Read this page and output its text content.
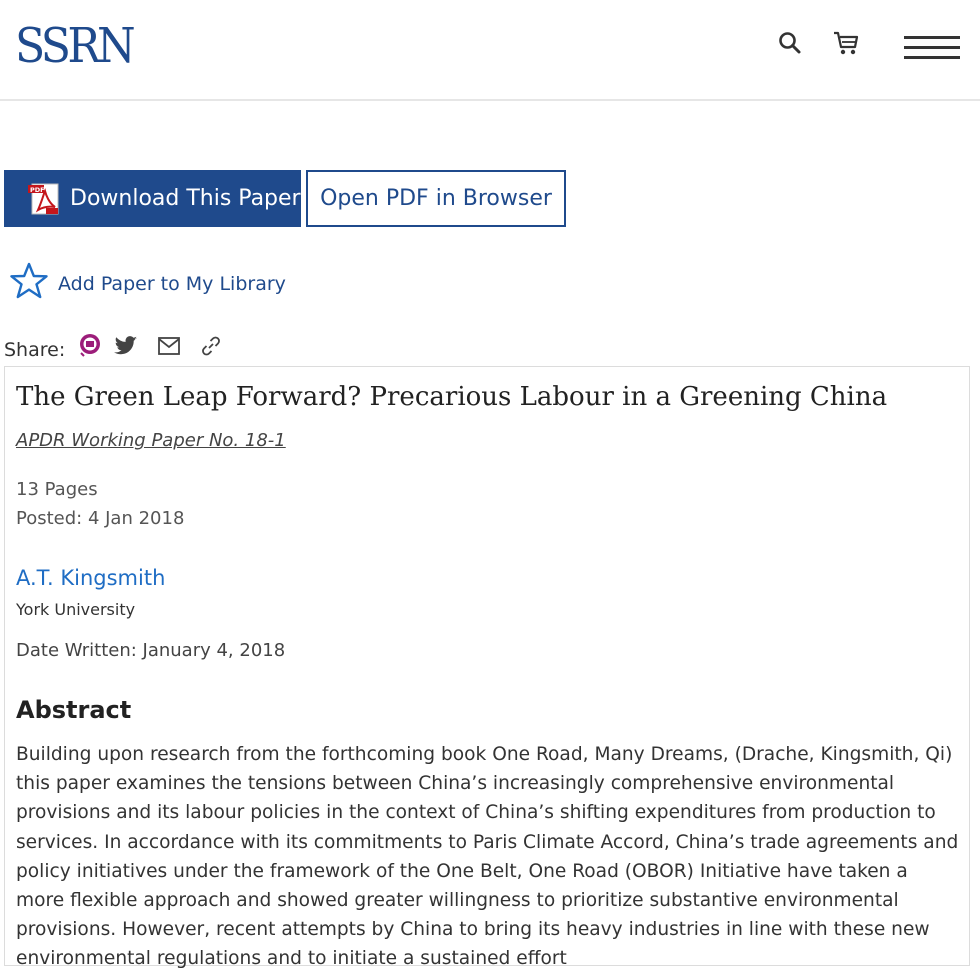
SSRN
PDF Download This Paper Open PDF in Browser
Add Paper to My Library
Share:
The Green Leap Forward? Precarious Labour in a Greening China
APDR Working Paper No. 18-1
13 Pages
Posted: 4 Jan 2018
A.T. Kingsmith
York University
Date Written: January 4, 2018
Abstract
Building upon research from the forthcoming book One Road, Many Dreams, (Drache, Kingsmith, Qi) this paper examines the tensions between China’s increasingly comprehensive environmental provisions and its labour policies in the context of China’s shifting expenditures from production to services. In accordance with its commitments to Paris Climate Accord, China’s trade agreements and policy initiatives under the framework of the One Belt, One Road (OBOR) Initiative have taken a more flexible approach and showed greater willingness to prioritize substantive environmental provisions. However, recent attempts by China to bring its heavy industries in line with these new environmental regulations and to initiate a sustained effort
